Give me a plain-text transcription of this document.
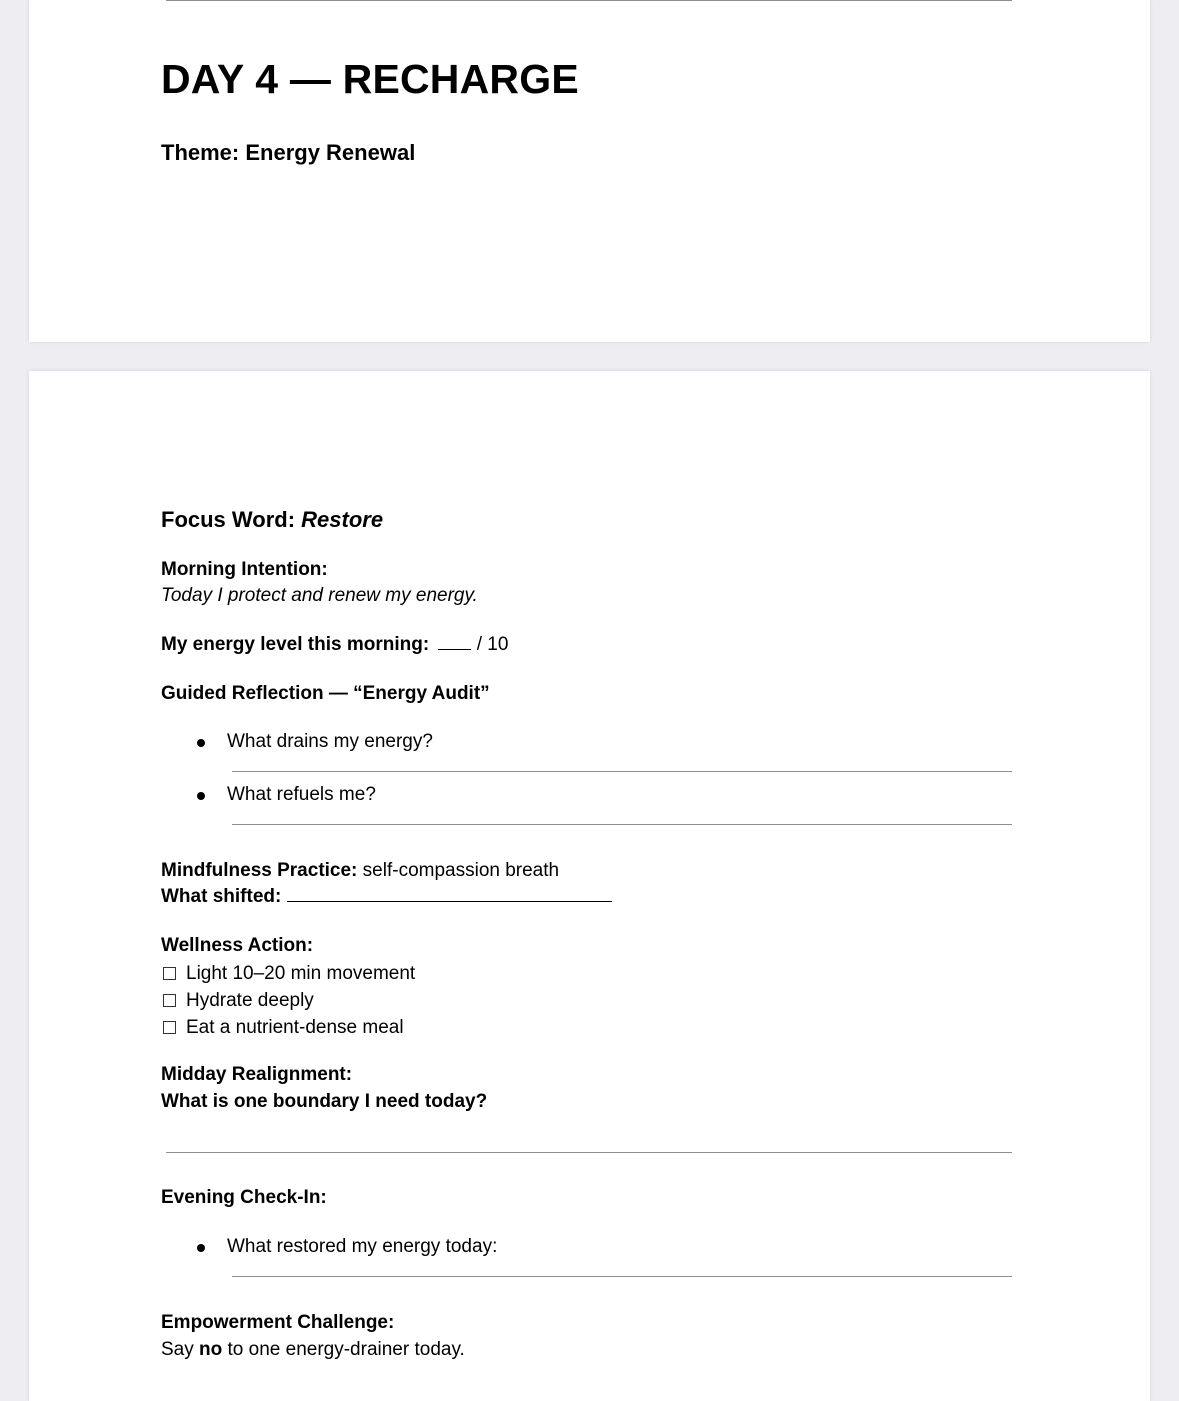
DAY 4 — RECHARGE
Theme: Energy Renewal
Focus Word: Restore
Morning Intention:
Today I protect and renew my energy.
My energy level this morning:	/ 10
Guided Reflection — “Energy Audit”
What drains my energy?
What refuels me?
Mindfulness Practice: self-compassion breath
What shifted:
Wellness Action:
Light 10–20 min movement
Hydrate deeply
Eat a nutrient-dense meal
Midday Realignment:
What is one boundary I need today?
Evening Check-In:
What restored my energy today:
Empowerment Challenge:
Say no to one energy-drainer today.
